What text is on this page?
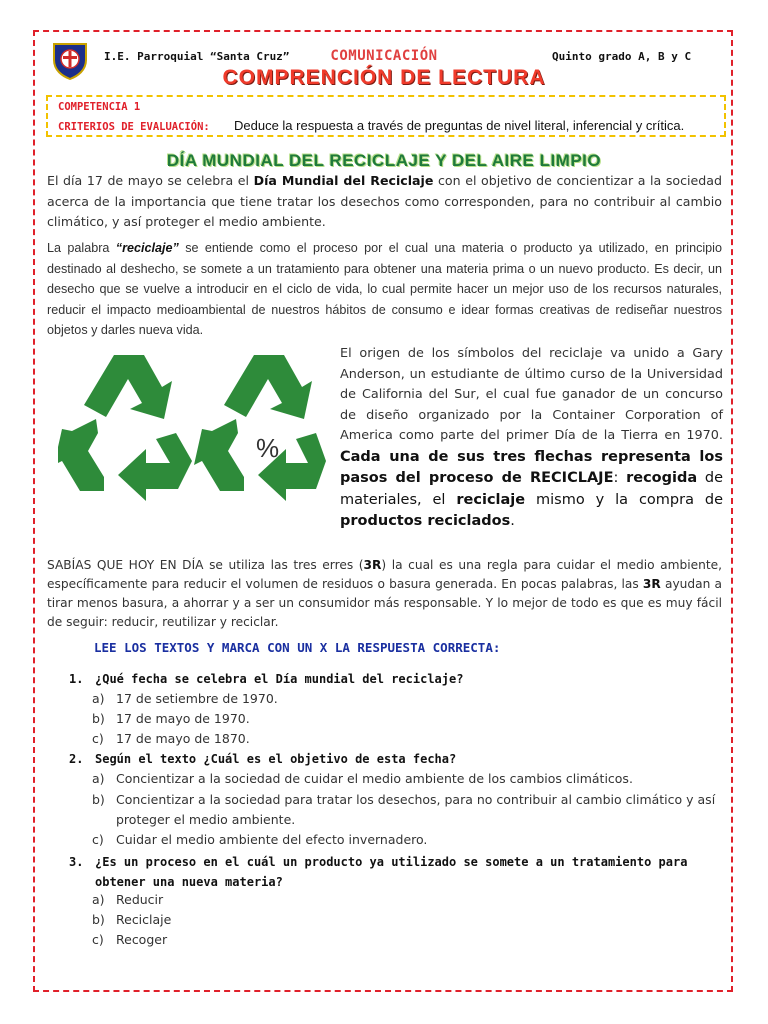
I.E. Parroquial “Santa Cruz”	COMUNICACIÓN	Quinto grado A, B y C
COMPRENCIÓN DE LECTURA
COMPETENCIA 1
CRITERIOS DE EVALUACIÓN: Deduce la respuesta a través de preguntas de nivel literal, inferencial y crítica.
DÍA MUNDIAL DEL RECICLAJE Y DEL AIRE LIMPIO
El día 17 de mayo se celebra el Día Mundial del Reciclaje con el objetivo de concientizar a la sociedad acerca de la importancia que tiene tratar los desechos como corresponden, para no contribuir al cambio climático, y así proteger el medio ambiente.
La palabra “reciclaje” se entiende como el proceso por el cual una materia o producto ya utilizado, en principio destinado al deshecho, se somete a un tratamiento para obtener una materia prima o un nuevo producto. Es decir, un desecho que se vuelve a introducir en el ciclo de vida, lo cual permite hacer un mejor uso de los recursos naturales, reducir el impacto medioambiental de nuestros hábitos de consumo e idear formas creativas de rediseñar nuestros objetos y darles nueva vida.
%
El origen de los símbolos del reciclaje va unido a Gary Anderson, un estudiante de último curso de la Universidad de California del Sur, el cual fue ganador de un concurso de diseño organizado por la Container Corporation of America como parte del primer Día de la Tierra en 1970. Cada una de sus tres flechas representa los pasos del proceso de RECICLAJE: recogida de materiales, el reciclaje mismo y la compra de productos reciclados.
SABÍAS QUE HOY EN DÍA se utiliza las tres erres (3R) la cual es una regla para cuidar el medio ambiente, específicamente para reducir el volumen de residuos o basura generada. En pocas palabras, las 3R ayudan a tirar menos basura, a ahorrar y a ser un consumidor más responsable. Y lo mejor de todo es que es muy fácil de seguir: reducir, reutilizar y reciclar.
LEE LOS TEXTOS Y MARCA CON UN X LA RESPUESTA CORRECTA:
1. ¿Qué fecha se celebra el Día mundial del reciclaje?
a) 17 de setiembre de 1970.
b) 17 de mayo de 1970.
c) 17 de mayo de 1870.
2. Según el texto ¿Cuál es el objetivo de esta fecha?
a) Concientizar a la sociedad de cuidar el medio ambiente de los cambios climáticos.
b) Concientizar a la sociedad para tratar los desechos, para no contribuir al cambio climático y así proteger el medio ambiente.
c) Cuidar el medio ambiente del efecto invernadero.
3. ¿Es un proceso en el cuál un producto ya utilizado se somete a un tratamiento para obtener una nueva materia?
a) Reducir
b) Reciclaje
c) Recoger
